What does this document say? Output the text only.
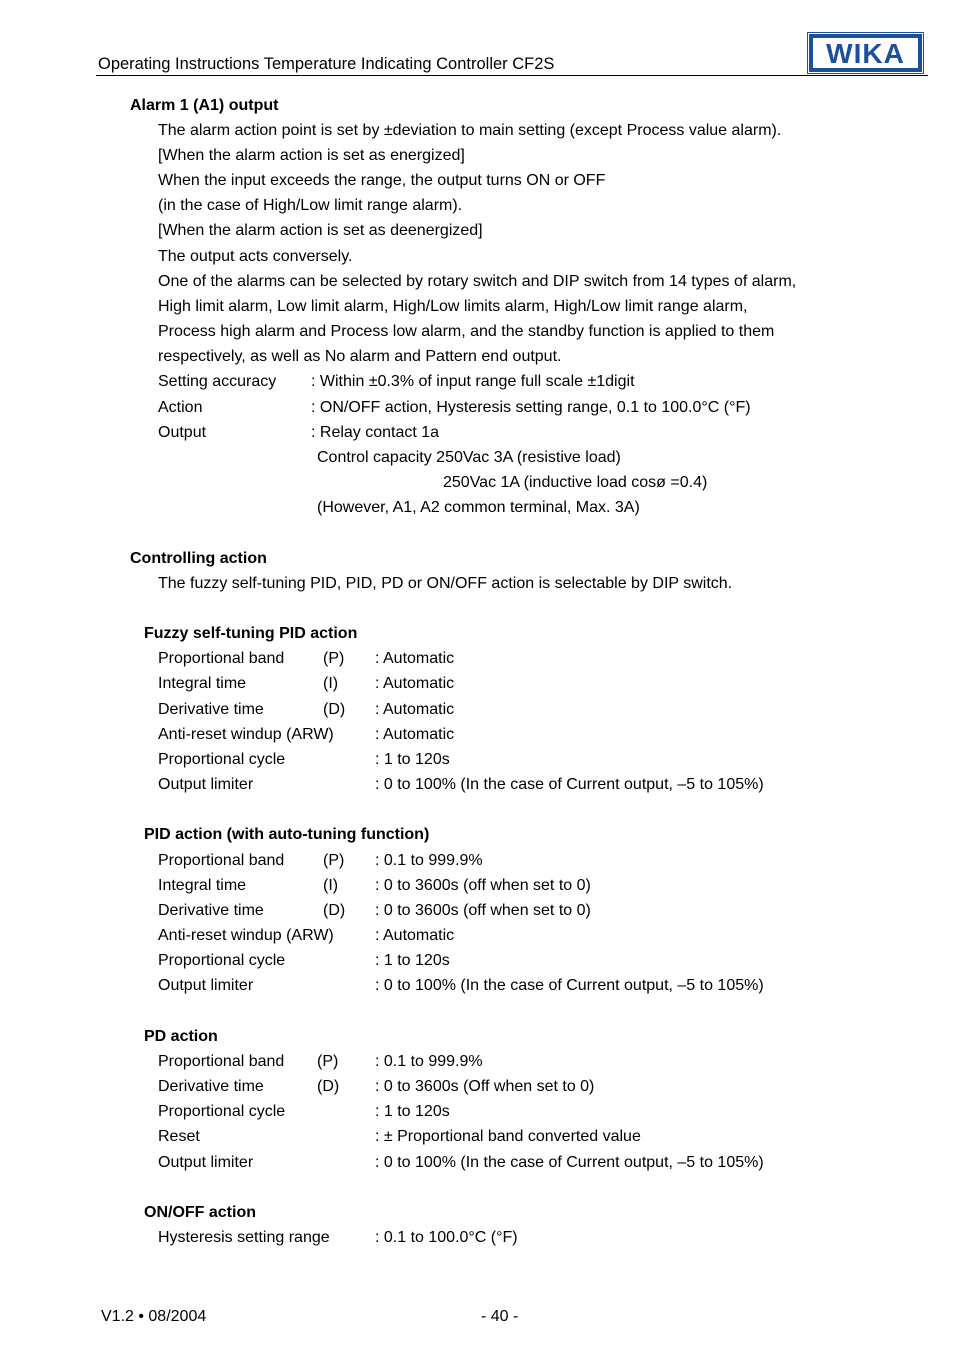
Operating Instructions Temperature Indicating Controller CF2S	WIKA
Alarm 1 (A1) output
The alarm action point is set by ±deviation to main setting (except Process value alarm).
[When the alarm action is set as energized]
When the input exceeds the range, the output turns ON or OFF
(in the case of High/Low limit range alarm).
[When the alarm action is set as deenergized]
The output acts conversely.
One of the alarms can be selected by rotary switch and DIP switch from 14 types of alarm,
High limit alarm, Low limit alarm, High/Low limits alarm, High/Low limit range alarm,
Process high alarm and Process low alarm, and the standby function is applied to them
respectively, as well as No alarm and Pattern end output.
Setting accuracy : Within ±0.3% of input range full scale ±1digit
Action	: ON/OFF action, Hysteresis setting range, 0.1 to 100.0°C (°F)
Output	: Relay contact 1a
Control capacity 250Vac 3A (resistive load)
250Vac 1A (inductive load cosø =0.4)
(However, A1, A2 common terminal, Max. 3A)
Controlling action
The fuzzy self-tuning PID, PID, PD or ON/OFF action is selectable by DIP switch.
Fuzzy self-tuning PID action
Proportional band (P) : Automatic
Integral time	(I) : Automatic
Derivative time	(D) : Automatic
Anti-reset windup (ARW)	: Automatic
Proportional cycle	: 1 to 120s
Output limiter	: 0 to 100% (In the case of Current output, –5 to 105%)
PID action (with auto-tuning function)
Proportional band (P) : 0.1 to 999.9%
Integral time	(I) : 0 to 3600s (off when set to 0)
Derivative time	(D) : 0 to 3600s (off when set to 0)
Anti-reset windup (ARW)	: Automatic
Proportional cycle	: 1 to 120s
Output limiter	: 0 to 100% (In the case of Current output, –5 to 105%)
PD action
Proportional band (P) : 0.1 to 999.9%
Derivative time	(D) : 0 to 3600s (Off when set to 0)
Proportional cycle	: 1 to 120s
Reset	: ± Proportional band converted value
Output limiter	: 0 to 100% (In the case of Current output, –5 to 105%)
ON/OFF action
Hysteresis setting range	: 0.1 to 100.0°C (°F)
V1.2 • 08/2004	- 40 -
